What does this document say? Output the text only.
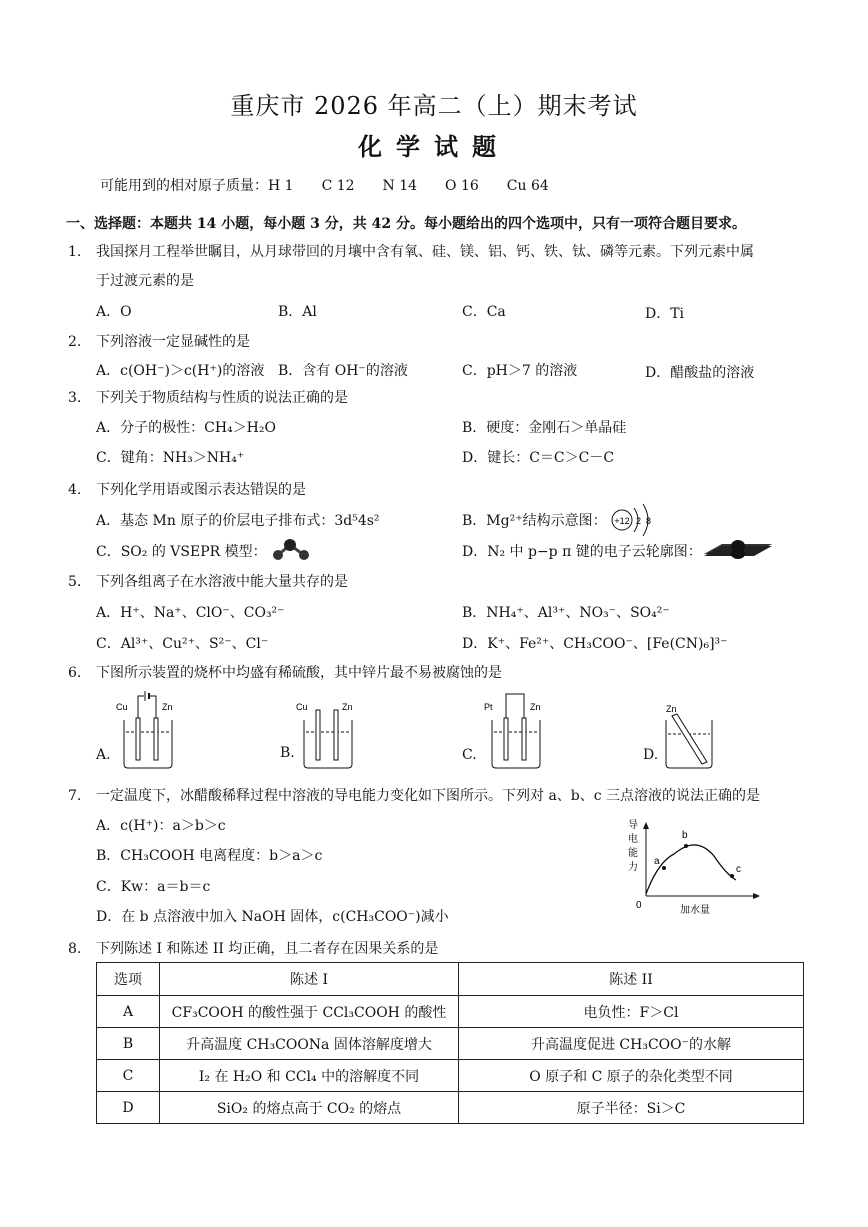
重庆市 2026 年高二（上）期末考试
化学试题
可能用到的相对原子质量：H 1　　C 12　　N 14　　O 16　　Cu 64
一、选择题：本题共 14 小题，每小题 3 分，共 42 分。每小题给出的四个选项中，只有一项符合题目要求。
1. 我国探月工程举世瞩目，从月球带回的月壤中含有氧、硅、镁、铝、钙、铁、钛、磷等元素。下列元素中属
于过渡元素的是
A．O	B．Al	C．Ca	D．Ti
2. 下列溶液一定显碱性的是
A．c(OH⁻)＞c(H⁺)的溶液 B．含有 OH⁻的溶液	C．pH＞7 的溶液	D．醋酸盐的溶液
3. 下列关于物质结构与性质的说法正确的是
A．分子的极性：CH₄＞H₂O	B．硬度：金刚石＞单晶硅
C．键角：NH₃＞NH₄⁺	D．键长：C＝C＞C－C
4. 下列化学用语或图示表达错误的是
A．基态 Mn 原子的价层电子排布式：3d⁵4s²	B．Mg²⁺结构示意图： +12 2 8
C．SO₂ 的 VSEPR 模型：	D．N₂ 中 p−p π 键的电子云轮廓图：
5. 下列各组离子在水溶液中能大量共存的是
A．H⁺、Na⁺、ClO⁻、CO₃²⁻	B．NH₄⁺、Al³⁺、NO₃⁻、SO₄²⁻
C．Al³⁺、Cu²⁺、S²⁻、Cl⁻	D．K⁺、Fe²⁺、CH₃COO⁻、[Fe(CN)₆]³⁻
6. 下图所示装置的烧杯中均盛有稀硫酸，其中锌片最不易被腐蚀的是
A.
Cu	Zn
B.
Cu	Zn
C.
Pt	Zn
D.
Zn
7. 一定温度下，冰醋酸稀释过程中溶液的导电能力变化如下图所示。下列对 a、b、c 三点溶液的说法正确的是
A．c(H⁺)：a＞b＞c
B．CH₃COOH 电离程度：b＞a＞c
C．Kw：a＝b＝c
D．在 b 点溶液中加入 NaOH 固体，c(CH₃COO⁻)减小
导
电
能
力
0	加水量
a
b
c
8. 下列陈述 I 和陈述 II 均正确，且二者存在因果关系的是
选项	陈述 I	陈述 II
A	CF₃COOH 的酸性强于 CCl₃COOH 的酸性	电负性：F＞Cl
B	升高温度 CH₃COONa 固体溶解度增大	升高温度促进 CH₃COO⁻的水解
C	I₂ 在 H₂O 和 CCl₄ 中的溶解度不同	O 原子和 C 原子的杂化类型不同
D	SiO₂ 的熔点高于 CO₂ 的熔点	原子半径：Si＞C
